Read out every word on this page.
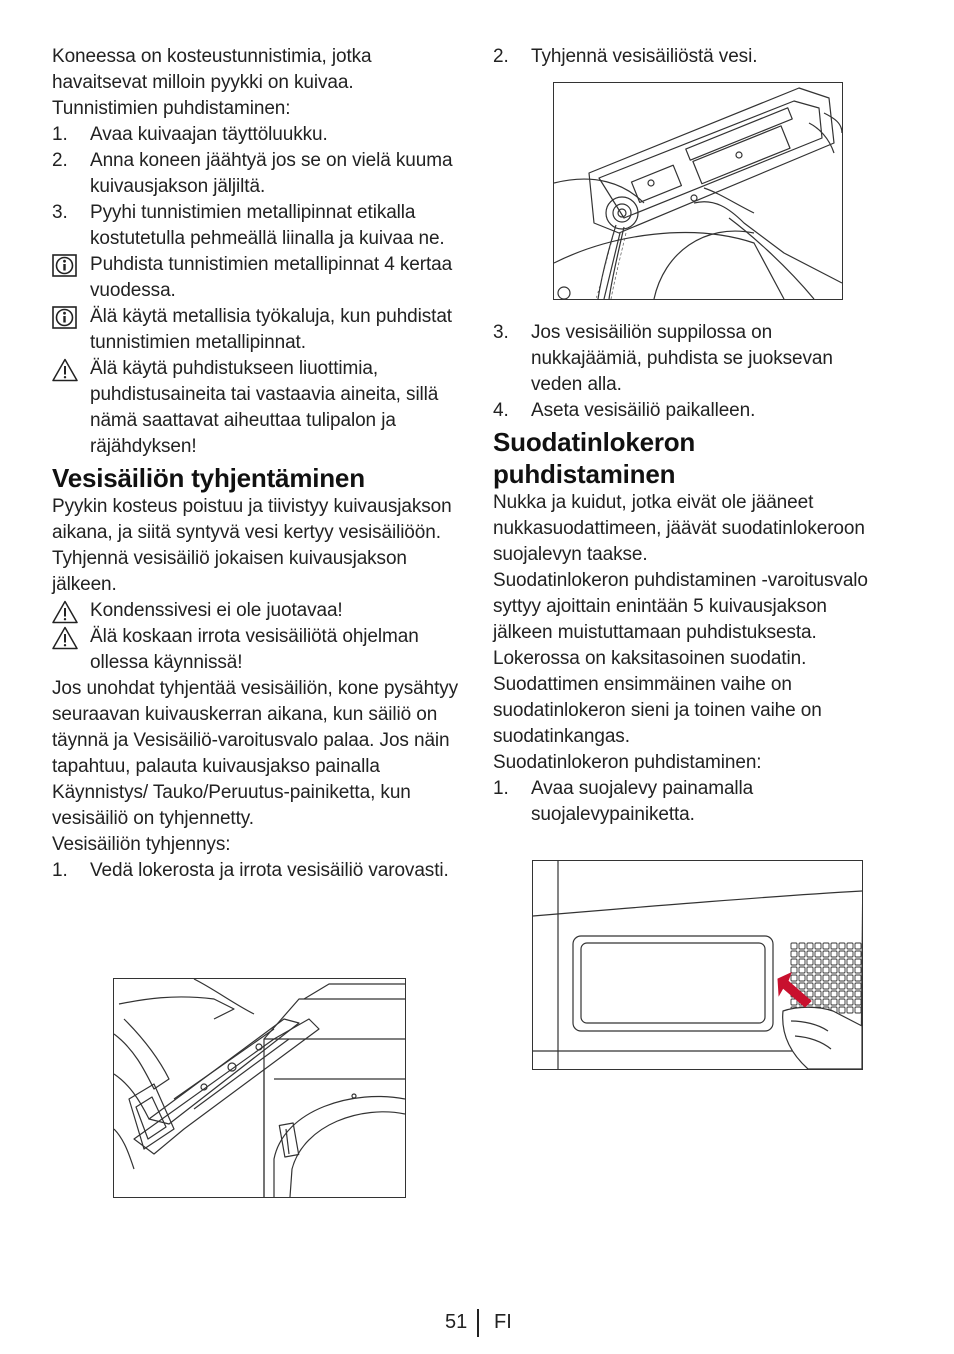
Koneessa on kosteustunnistimia, jotka havaitsevat milloin pyykki on kuivaa.

Tunnistimien puhdistaminen:

1. Avaa kuivaajan täyttöluukku.
2. Anna koneen jäähtyä jos se on vielä kuuma kuivausjakson jäljiltä.
3. Pyyhi tunnistimien metallipinnat etikalla kostutetulla pehmeällä liinalla ja kuivaa ne.
Puhdista tunnistimien metallipinnat 4 kertaa vuodessa.
Älä käytä metallisia työkaluja, kun puhdistat tunnistimien metallipinnat.
Älä käytä puhdistukseen liuottimia, puhdistusaineita tai vastaavia aineita, sillä nämä saattavat aiheuttaa tulipalon ja räjähdyksen!
Vesisäiliön tyhjentäminen

Pyykin kosteus poistuu ja tiivistyy kuivausjakson aikana, ja siitä syntyvä vesi kertyy vesisäiliöön. Tyhjennä vesisäiliö jokaisen kuivausjakson jälkeen.

Kondenssivesi ei ole juotavaa!
Älä koskaan irrota vesisäiliötä ohjelman ollessa käynnissä!

Jos unohdat tyhjentää vesisäiliön, kone pysähtyy seuraavan kuivauskerran aikana, kun säiliö on täynnä ja Vesisäiliö-varoitusvalo palaa. Jos näin tapahtuu, palauta kuivausjakso painalla Käynnistys/ Tauko/Peruutus-painiketta, kun vesisäiliö on tyhjennetty.

Vesisäiliön tyhjennys:

1. Vedä lokerosta ja irrota vesisäiliö varovasti.
2. Tyhjennä vesisäiliöstä vesi.
3. Jos vesisäiliön suppilossa on nukkajäämiä, puhdista se juoksevan veden alla.
4. Aseta vesisäiliö paikalleen.
Suodatinlokeron puhdistaminen

Nukka ja kuidut, jotka eivät ole jääneet nukkasuodattimeen, jäävät suodatinlokeroon suojalevyn taakse.

Suodatinlokeron puhdistaminen -varoitusvalo syttyy ajoittain enintään 5 kuivausjakson jälkeen muistuttamaan puhdistuksesta.

Lokerossa on kaksitasoinen suodatin. Suodattimen ensimmäinen vaihe on suodatinlokeron sieni ja toinen vaihe on suodatinkangas.

Suodatinlokeron puhdistaminen:

1. Avaa suojalevy painamalla suojalevypainiketta.
51 FI
